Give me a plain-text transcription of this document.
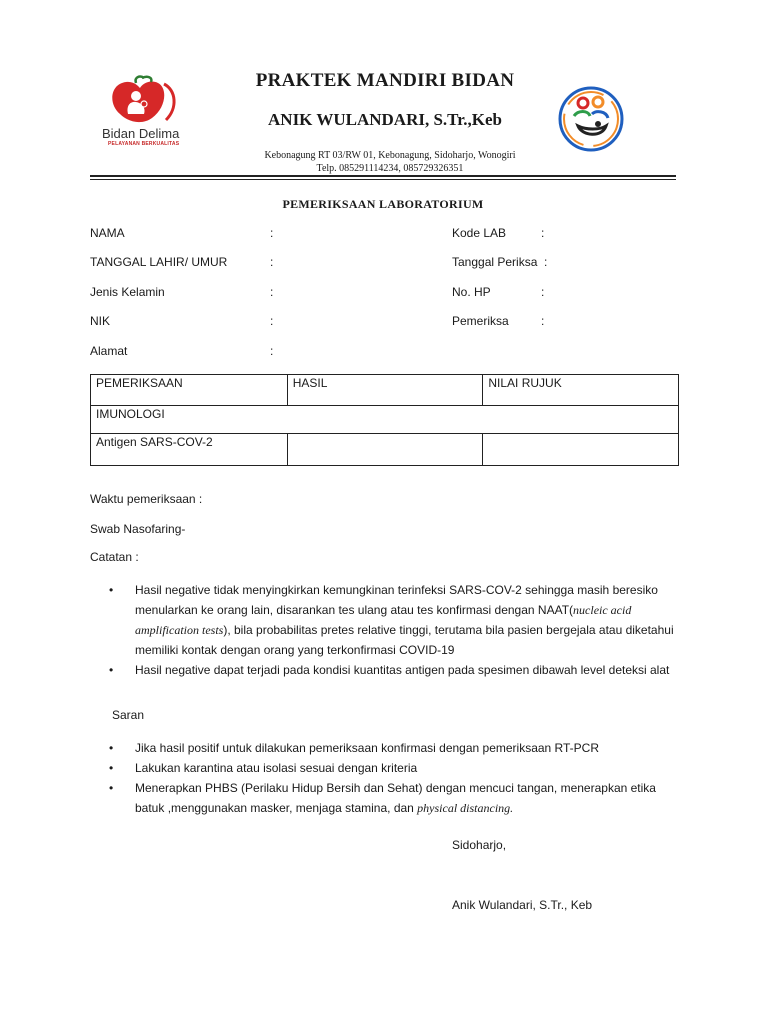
Bidan Delima
PELAYANAN BERKUALITAS
PRAKTEK MANDIRI BIDAN
ANIK WULANDARI, S.Tr.,Keb
Kebonagung RT 03/RW 01, Kebonagung, Sidoharjo, Wonogiri
Telp. 085291114234, 085729326351
PEMERIKSAAN LABORATORIUM
NAMA	:
TANGGAL LAHIR/ UMUR	:
Jenis Kelamin	:
NIK	:
Alamat	:
Kode LAB	:
Tanggal Periksa :
No. HP	:
Pemeriksa	:
PEMERIKSAAN	HASIL	NILAI RUJUK
IMUNOLOGI		
Antigen SARS-COV-2		
Waktu pemeriksaan :
Swab Nasofaring-
Catatan :
•	Hasil negative tidak menyingkirkan kemungkinan terinfeksi SARS-COV-2 sehingga masih beresiko menularkan ke orang lain, disarankan tes ulang atau tes konfirmasi dengan NAAT(nucleic acid amplification tests), bila probabilitas pretes relative tinggi, terutama bila pasien bergejala atau diketahui memiliki kontak dengan orang yang terkonfirmasi COVID-19
•	Hasil negative dapat terjadi pada kondisi kuantitas antigen pada spesimen dibawah level deteksi alat
Saran
•	Jika hasil positif untuk dilakukan pemeriksaan konfirmasi dengan pemeriksaan RT-PCR
•	Lakukan karantina atau isolasi sesuai dengan kriteria
•	Menerapkan PHBS (Perilaku Hidup Bersih dan Sehat) dengan mencuci tangan, menerapkan etika batuk ,menggunakan masker, menjaga stamina, dan physical distancing.
Sidoharjo,
Anik Wulandari, S.Tr., Keb
